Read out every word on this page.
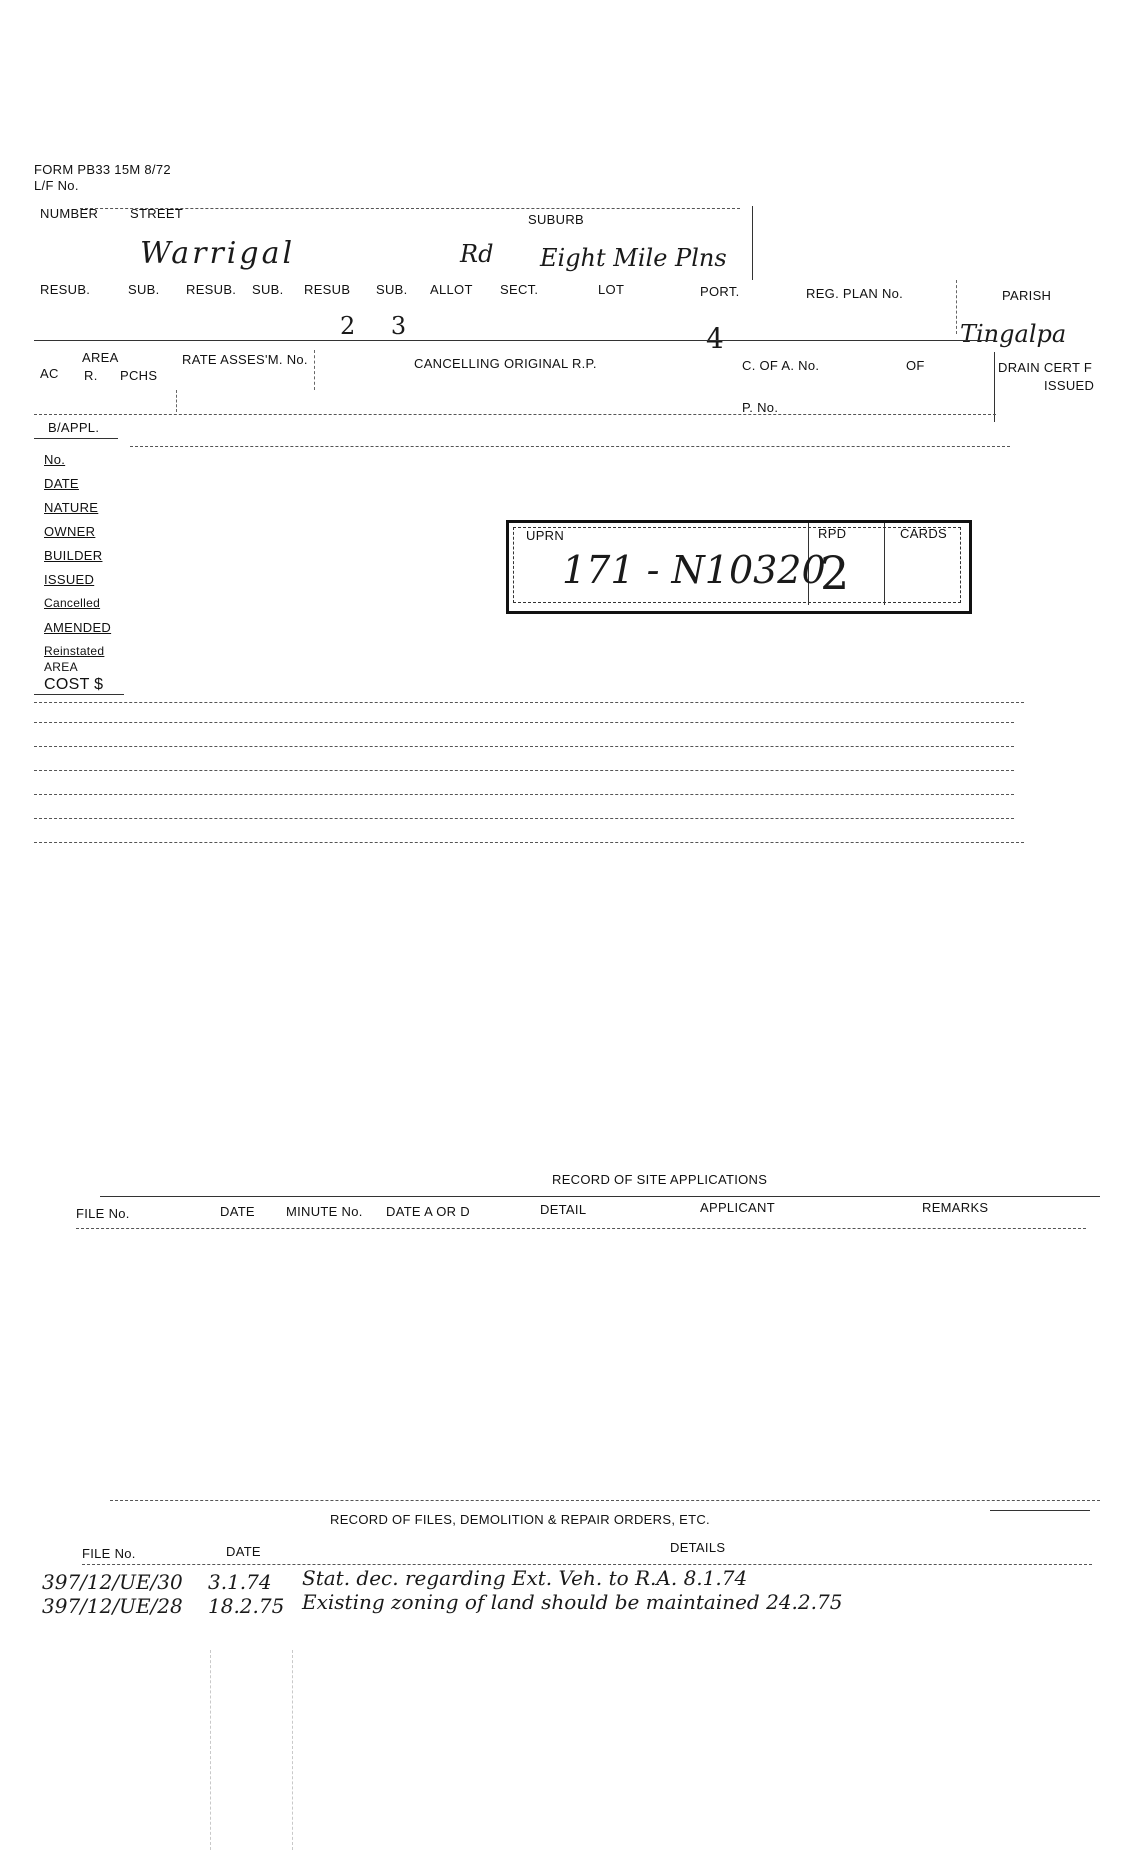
FORM PB33 15M 8/72
L/F No.
NUMBER STREET	SUBURB
Warrigal	Rd Eight Mile Plns
RESUB.	SUB. RESUB. SUB. RESUB SUB. ALLOT SECT.	LOT	PORT.	REG. PLAN No.	PARISH
2 3	4	Tingalpa
AREA
AC R. PCHS
RATE ASSES'M. No.	CANCELLING ORIGINAL R.P.	C. OF A. No.	OF	DRAIN CERT F
ISSUED
P. No.
B/APPL.
No.
DATE
NATURE
OWNER
BUILDER
ISSUED
Cancelled
AMENDED
Reinstated
AREA
COST $
UPRN	RPD	CARDS
171 - N10320
2
RECORD OF SITE APPLICATIONS
FILE No.	DATE MINUTE No. DATE A OR D	DETAIL	APPLICANT	REMARKS
RECORD OF FILES, DEMOLITION & REPAIR ORDERS, ETC.
FILE No.	DATE	DETAILS
397/12/UE/30 3.1.74 Stat. dec. regarding Ext. Veh. to R.A. 8.1.74
397/12/UE/28 18.2.75 Existing zoning of land should be maintained 24.2.75
